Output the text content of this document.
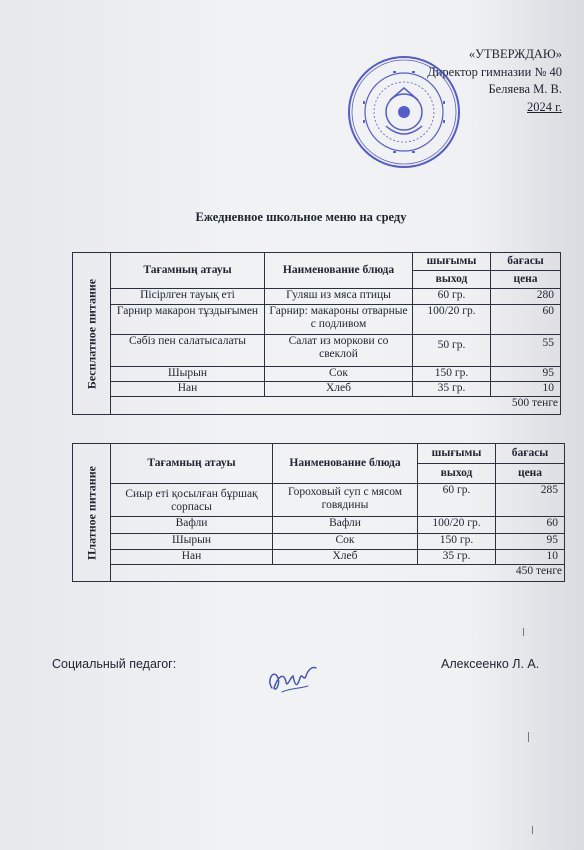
«УТВЕРЖДАЮ»
Директор гимназии № 40
Беляева М. В.
2024 г.
Ежедневное школьное меню на среду
Бесплатное питание	Тағамның атауы	Наименование блюда	шығымы	бағасы
			выход	цена
	Пісірлген тауық еті	Гуляш из мяса птицы	60 гр.	280
	Гарнир макарон тұздығымен	Гарнир: макароны отварные с подливом	100/20 гр.	60
	Сәбіз пен салатысалаты	Салат из моркови со свеклой	50 гр.	55
	Шырын	Сок	150 гр.	95
	Нан	Хлеб	35 гр.	10
	500 тенге			
Платное питание	Тағамның атауы	Наименование блюда	шығымы	бағасы
			выход	цена
	Сиыр еті қосылған бұршақ сорпасы	Гороховый суп с мясом говядины	60 гр.	285
	Вафли	Вафли	100/20 гр.	60
	Шырын	Сок	150 гр.	95
	Нан	Хлеб	35 гр.	10
	450 тенге			
Социальный педагог:	Алексеенко Л. А.
